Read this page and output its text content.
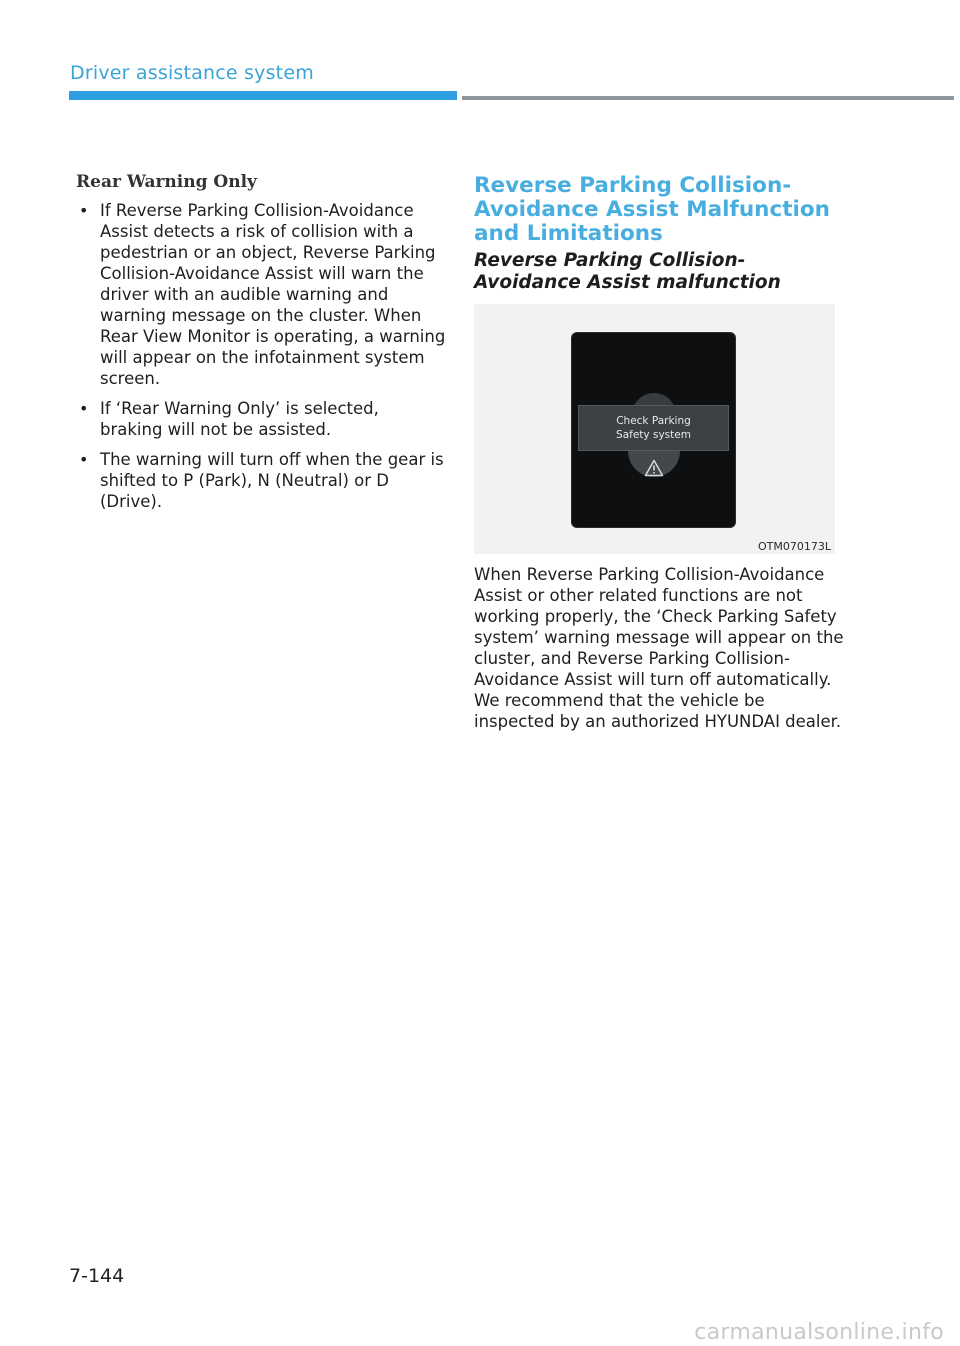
Driver assistance system
Rear Warning Only
• If Reverse Parking Collision-Avoidance Assist detects a risk of collision with a pedestrian or an object, Reverse Parking Collision-Avoidance Assist will warn the driver with an audible warning and warning message on the cluster. When Rear View Monitor is operating, a warning will appear on the infotainment system screen.
• If ‘Rear Warning Only’ is selected, braking will not be assisted.
• The warning will turn off when the gear is shifted to P (Park), N (Neutral) or D (Drive).
Reverse Parking Collision-Avoidance Assist Malfunction and Limitations
Reverse Parking Collision-Avoidance Assist malfunction
Check Parking
Safety system
OTM070173L

When Reverse Parking Collision-Avoidance Assist or other related functions are not working properly, the ‘Check Parking Safety system’ warning message will appear on the cluster, and Reverse Parking Collision-Avoidance Assist will turn off automatically.

We recommend that the vehicle be inspected by an authorized HYUNDAI dealer.

7-144
carmanualsonline.info
